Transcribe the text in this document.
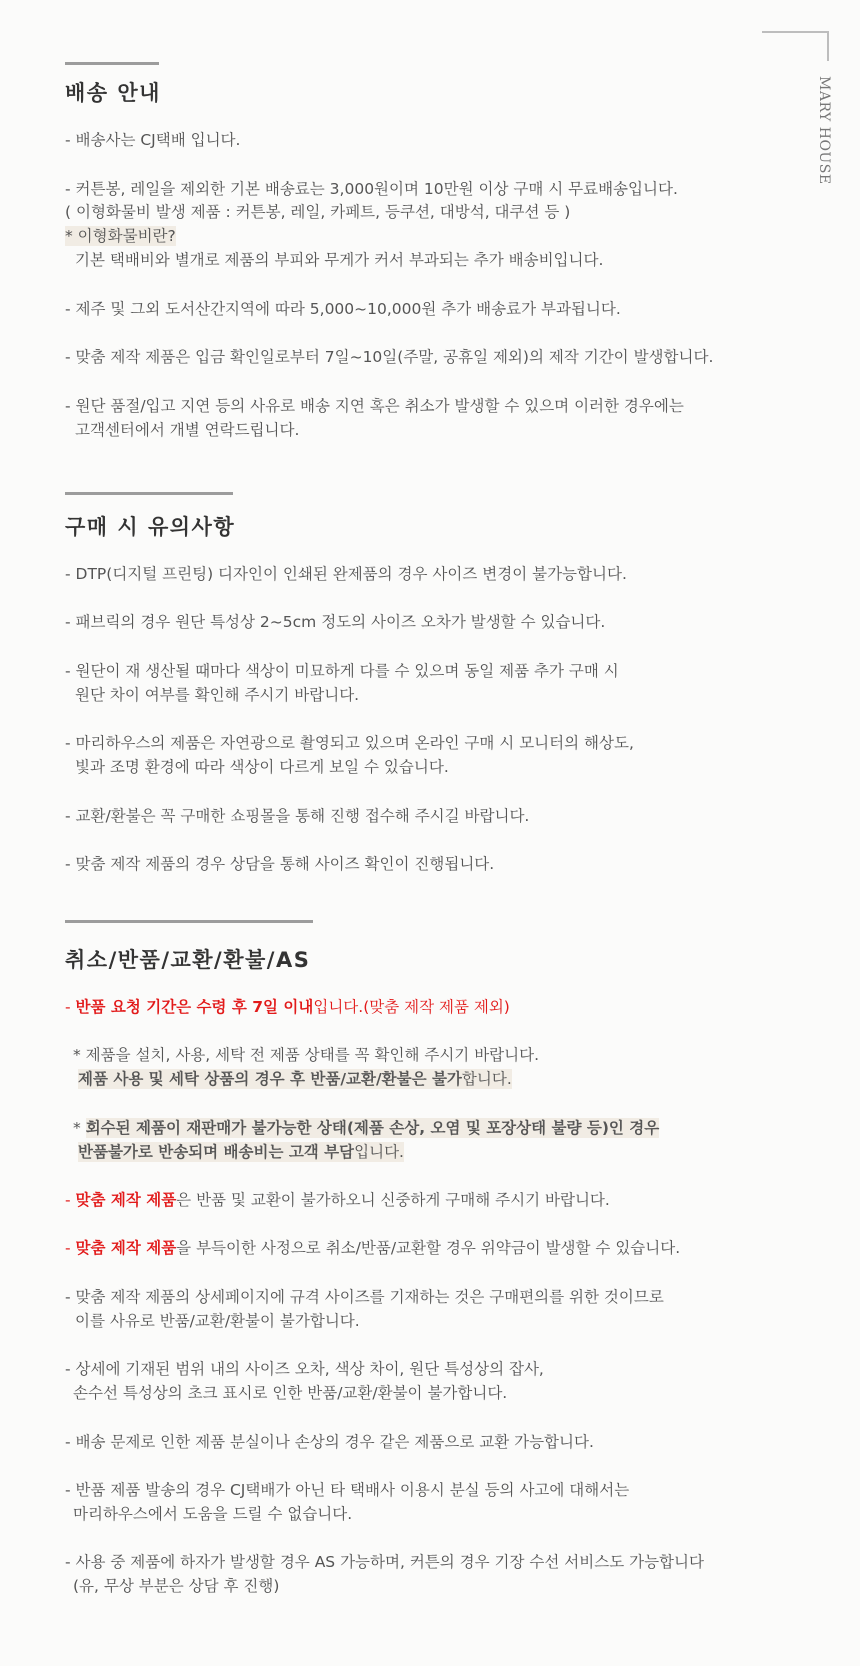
MARY HOUSE
배송 안내
- 배송사는 CJ택배 입니다.
- 커튼봉, 레일을 제외한 기본 배송료는 3,000원이며 10만원 이상 구매 시 무료배송입니다.
( 이형화물비 발생 제품 : 커튼봉, 레일, 카페트, 등쿠션, 대방석, 대쿠션 등 )
* 이형화물비란?
기본 택배비와 별개로 제품의 부피와 무게가 커서 부과되는 추가 배송비입니다.
- 제주 및 그외 도서산간지역에 따라 5,000~10,000원 추가 배송료가 부과됩니다.
- 맞춤 제작 제품은 입금 확인일로부터 7일~10일(주말, 공휴일 제외)의 제작 기간이 발생합니다.
- 원단 품절/입고 지연 등의 사유로 배송 지연 혹은 취소가 발생할 수 있으며 이러한 경우에는
고객센터에서 개별 연락드립니다.
구매 시 유의사항
- DTP(디지털 프린팅) 디자인이 인쇄된 완제품의 경우 사이즈 변경이 불가능합니다.
- 패브릭의 경우 원단 특성상 2~5cm 정도의 사이즈 오차가 발생할 수 있습니다.
- 원단이 재 생산될 때마다 색상이 미묘하게 다를 수 있으며 동일 제품 추가 구매 시
원단 차이 여부를 확인해 주시기 바랍니다.
- 마리하우스의 제품은 자연광으로 촬영되고 있으며 온라인 구매 시 모니터의 해상도,
빛과 조명 환경에 따라 색상이 다르게 보일 수 있습니다.
- 교환/환불은 꼭 구매한 쇼핑몰을 통해 진행 접수해 주시길 바랍니다.
- 맞춤 제작 제품의 경우 상담을 통해 사이즈 확인이 진행됩니다.
취소/반품/교환/환불/AS
- 반품 요청 기간은 수령 후 7일 이내입니다.(맞춤 제작 제품 제외)
* 제품을 설치, 사용, 세탁 전 제품 상태를 꼭 확인해 주시기 바랍니다.
제품 사용 및 세탁 상품의 경우 후 반품/교환/환불은 불가합니다.
* 회수된 제품이 재판매가 불가능한 상태(제품 손상, 오염 및 포장상태 불량 등)인 경우
반품불가로 반송되며 배송비는 고객 부담입니다.
- 맞춤 제작 제품은 반품 및 교환이 불가하오니 신중하게 구매해 주시기 바랍니다.
- 맞춤 제작 제품을 부득이한 사정으로 취소/반품/교환할 경우 위약금이 발생할 수 있습니다.
- 맞춤 제작 제품의 상세페이지에 규격 사이즈를 기재하는 것은 구매편의를 위한 것이므로
이를 사유로 반품/교환/환불이 불가합니다.
- 상세에 기재된 범위 내의 사이즈 오차, 색상 차이, 원단 특성상의 잡사,
손수선 특성상의 초크 표시로 인한 반품/교환/환불이 불가합니다.
- 배송 문제로 인한 제품 분실이나 손상의 경우 같은 제품으로 교환 가능합니다.
- 반품 제품 발송의 경우 CJ택배가 아닌 타 택배사 이용시 분실 등의 사고에 대해서는
마리하우스에서 도움을 드릴 수 없습니다.
- 사용 중 제품에 하자가 발생할 경우 AS 가능하며, 커튼의 경우 기장 수선 서비스도 가능합니다
(유, 무상 부분은 상담 후 진행)
